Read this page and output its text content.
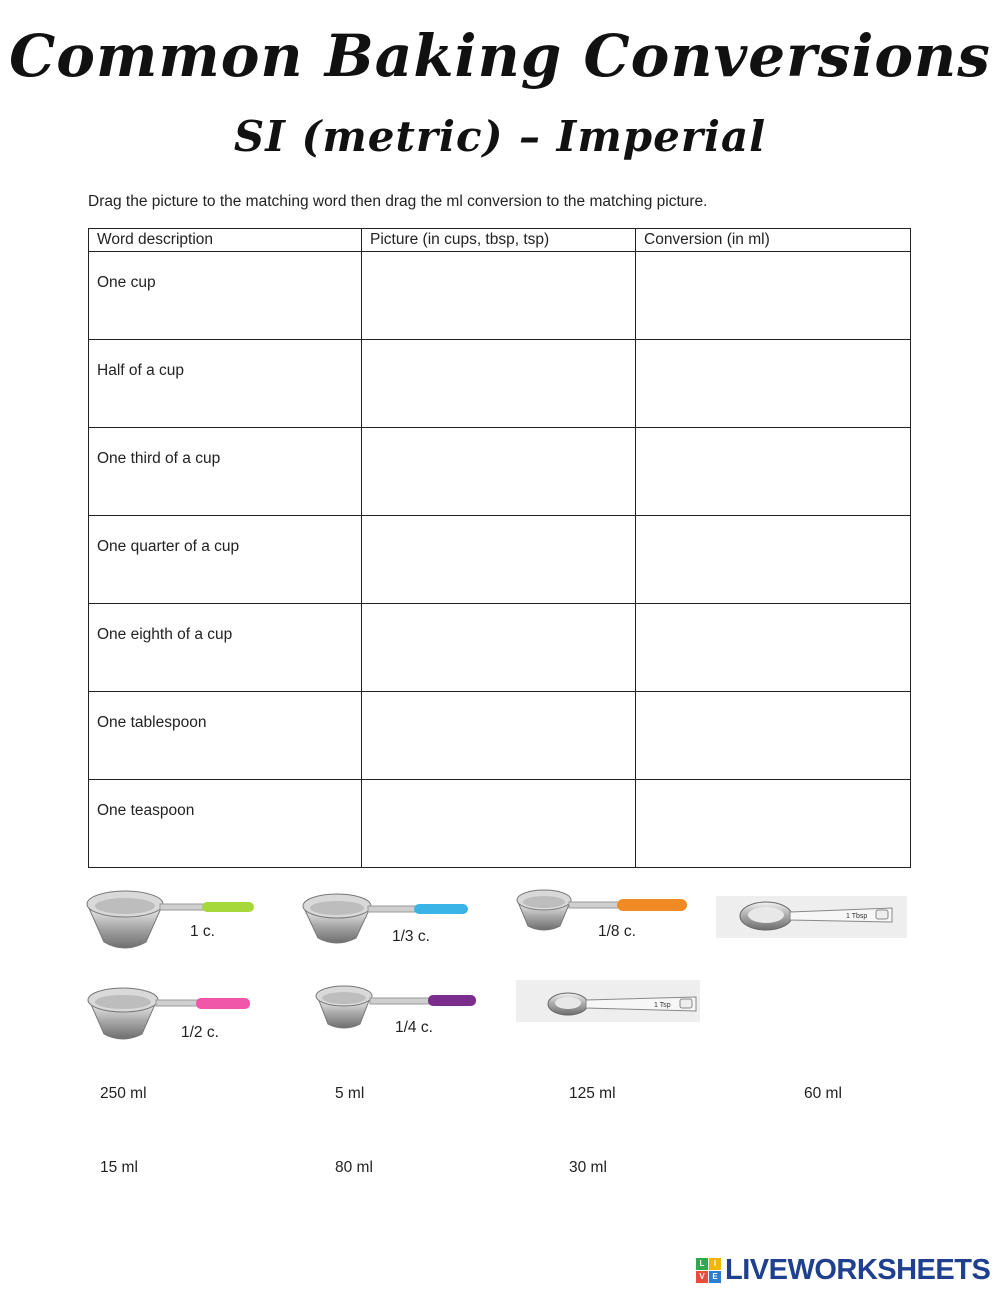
Common Baking Conversions
SI (metric) – Imperial
Drag the picture to the matching word then drag the ml conversion to the matching picture.
Word description	Picture (in cups, tbsp, tsp)	Conversion (in ml)
One cup		
Half of a cup		
One third of a cup		
One quarter of a cup		
One eighth of a cup		
One tablespoon		
One teaspoon		
1 c.	1/3 c.	1/8 c.
1 Tbsp
1/2 c.	1/4 c.
1 Tsp
250 ml	5 ml	125 ml	60 ml
15 ml	80 ml	30 ml
L	I
V E LIVEWORKSHEETS
